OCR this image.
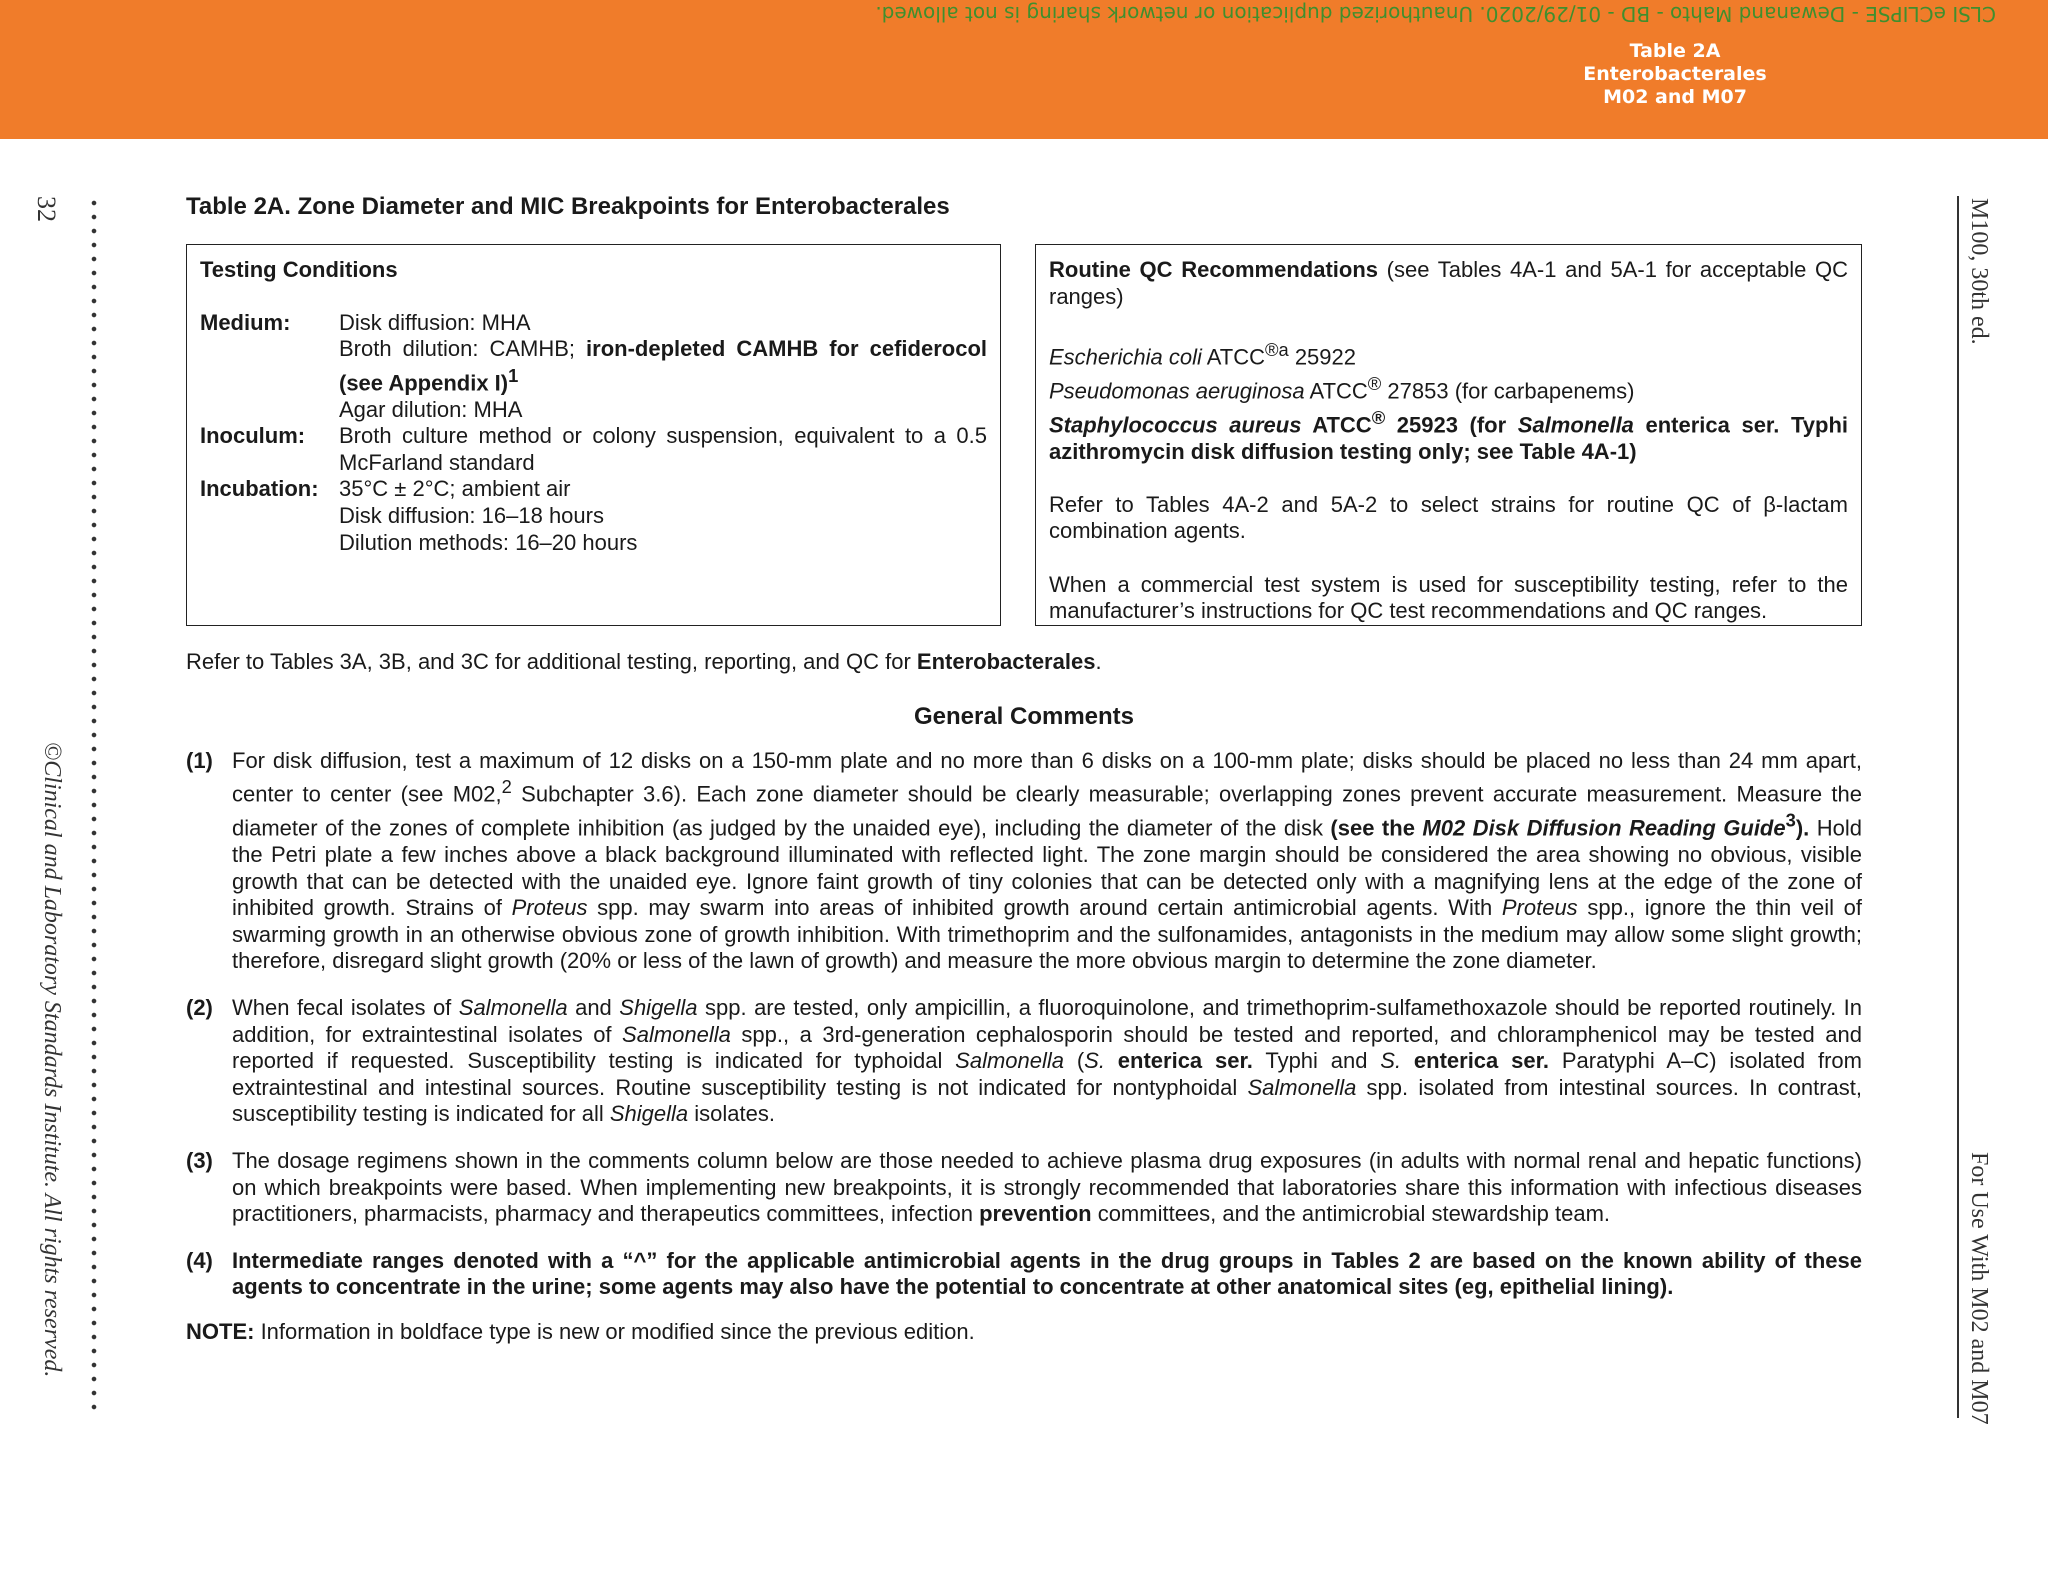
CLSI eCLIPSE - Dewanand Mahto - BD - 01/29/2020. Unauthorized duplication or network sharing is not allowed.
Table 2A
Enterobacterales
M02 and M07
32
©Clinical and Laboratory Standards Institute. All rights reserved.
M100, 30th ed.
For Use With M02 and M07
Table 2A. Zone Diameter and MIC Breakpoints for Enterobacterales
Testing Conditions
Medium:	Disk diffusion: MHA
Broth dilution: CAMHB; iron-depleted CAMHB for cefiderocol (see Appendix I)$^1$
Agar dilution: MHA

Inoculum:	Broth culture method or colony suspension, equivalent to a 0.5 McFarland standard
Incubation:	35°C ± 2°C; ambient air
Disk diffusion: 16–18 hours
Dilution methods: 16–20 hours
Routine QC Recommendations (see Tables 4A-1 and 5A-1 for acceptable QC ranges)
Escherichia coli $ATCC^{®a}$ 25922
Pseudomonas aeruginosa ATCC® 27853 (for carbapenems)
Staphylococcus aureus ATCC® 25923 (for Salmonella enterica ser. Typhi azithromycin disk diffusion testing only; see Table 4A-1)
Refer to Tables 4A-2 and 5A-2 to select strains for routine QC of β-lactam combination agents.
When a commercial test system is used for susceptibility testing, refer to the manufacturer’s instructions for QC test recommendations and QC ranges.
Refer to Tables 3A, 3B, and 3C for additional testing, reporting, and QC for Enterobacterales.
General Comments
(1) For disk diffusion, test a maximum of 12 disks on a 150-mm plate and no more than 6 disks on a 100-mm plate; disks should be placed no less than 24 mm apart, center to center (see M02,$^2$ Subchapter 3.6). Each zone diameter should be clearly measurable; overlapping zones prevent accurate measurement. Measure the diameter of the zones of complete inhibition (as judged by the unaided eye), including the diameter of the disk (see the M02 Disk Diffusion Reading Guide$^3$). Hold the Petri plate a few inches above a black background illuminated with reflected light. The zone margin should be considered the area showing no obvious, visible growth that can be detected with the unaided eye. Ignore faint growth of tiny colonies that can be detected only with a magnifying lens at the edge of the zone of inhibited growth. Strains of Proteus spp. may swarm into areas of inhibited growth around certain antimicrobial agents. With Proteus spp., ignore the thin veil of swarming growth in an otherwise obvious zone of growth inhibition. With trimethoprim and the sulfonamides, antagonists in the medium may allow some slight growth; therefore, disregard slight growth (20% or less of the lawn of growth) and measure the more obvious margin to determine the zone diameter.
(2) When fecal isolates of Salmonella and Shigella spp. are tested, only ampicillin, a fluoroquinolone, and trimethoprim-sulfamethoxazole should be reported routinely. In addition, for extraintestinal isolates of Salmonella spp., a 3rd-generation cephalosporin should be tested and reported, and chloramphenicol may be tested and reported if requested. Susceptibility testing is indicated for typhoidal Salmonella (S. enterica ser. Typhi and S. enterica ser. Paratyphi A–C) isolated from extraintestinal and intestinal sources. Routine susceptibility testing is not indicated for nontyphoidal Salmonella spp. isolated from intestinal sources. In contrast, susceptibility testing is indicated for all Shigella isolates.
(3) The dosage regimens shown in the comments column below are those needed to achieve plasma drug exposures (in adults with normal renal and hepatic functions) on which breakpoints were based. When implementing new breakpoints, it is strongly recommended that laboratories share this information with infectious diseases practitioners, pharmacists, pharmacy and therapeutics committees, infection prevention committees, and the antimicrobial stewardship team.
(4) Intermediate ranges denoted with a “^” for the applicable antimicrobial agents in the drug groups in Tables 2 are based on the known ability of these agents to concentrate in the urine; some agents may also have the potential to concentrate at other anatomical sites (eg, epithelial lining).
NOTE: Information in boldface type is new or modified since the previous edition.
